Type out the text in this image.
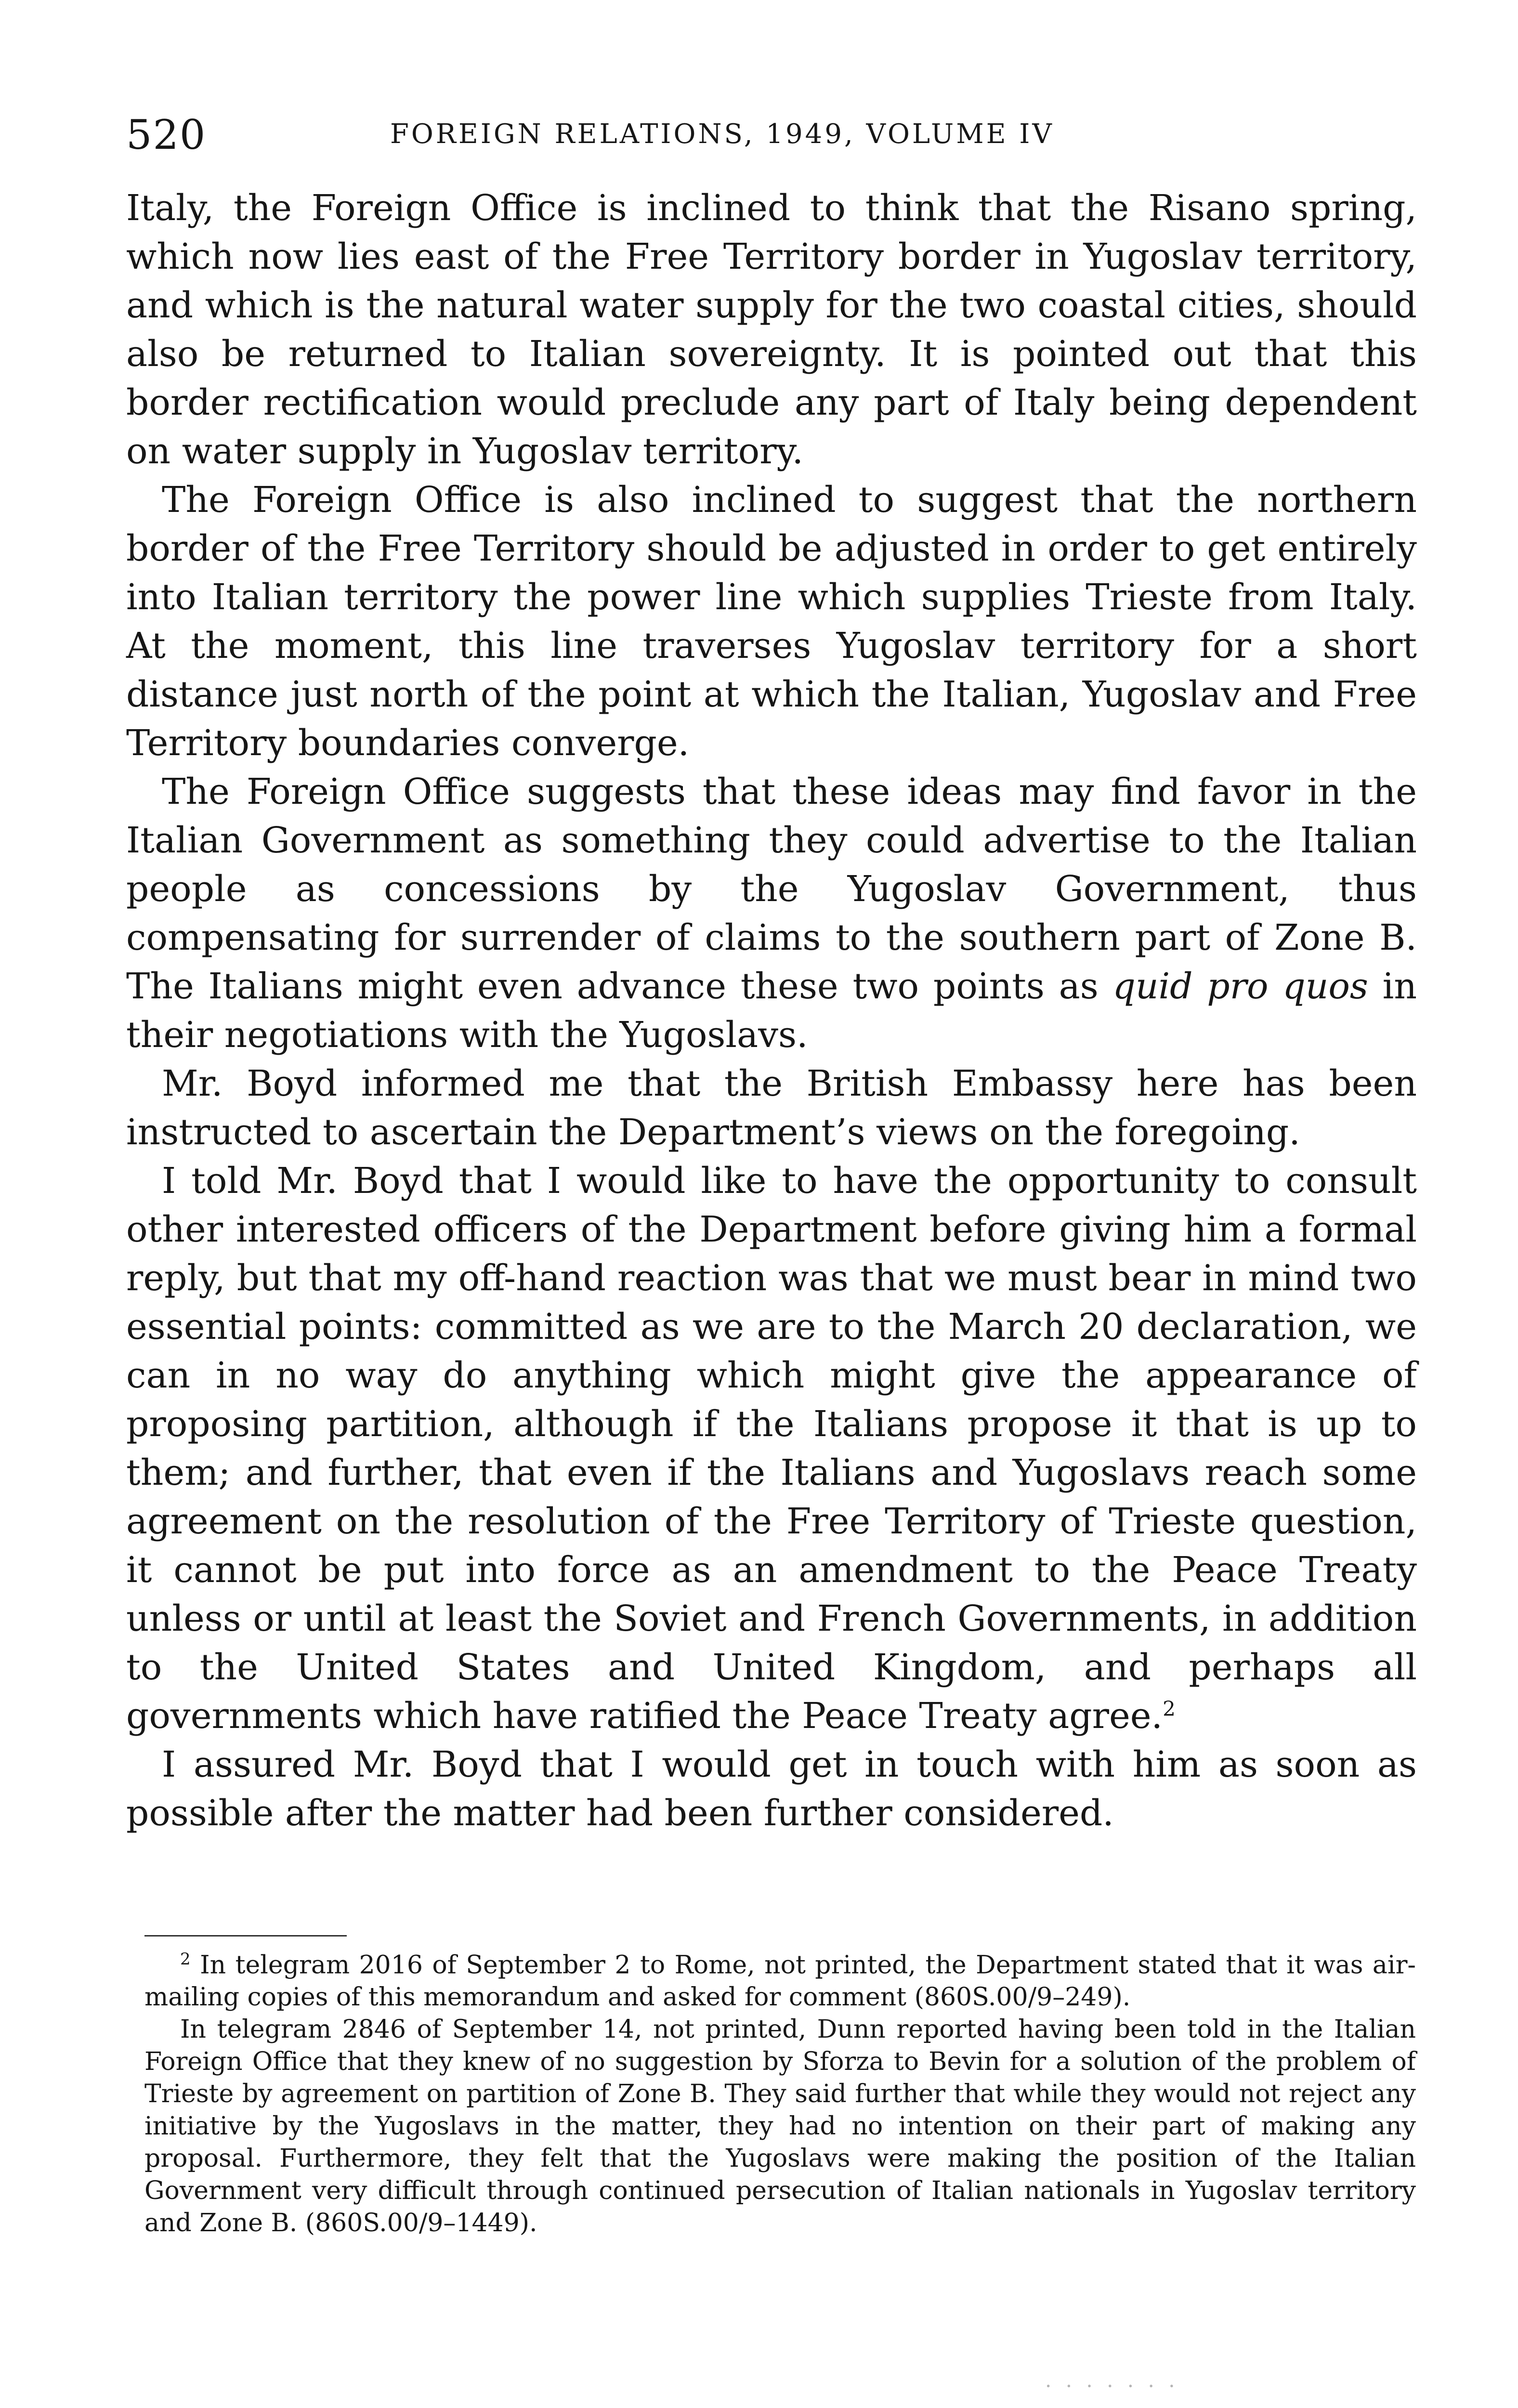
520	FOREIGN RELATIONS, 1949, VOLUME IV

Italy, the Foreign Office is inclined to think that the Risano spring, which now lies east of the Free Territory border in Yugoslav territory, and which is the natural water supply for the two coastal cities, should also be returned to Italian sovereignty. It is pointed out that this border rectification would preclude any part of Italy being dependent on water supply in Yugoslav territory.

The Foreign Office is also inclined to suggest that the northern border of the Free Territory should be adjusted in order to get entirely into Italian territory the power line which supplies Trieste from Italy. At the moment, this line traverses Yugoslav territory for a short distance just north of the point at which the Italian, Yugoslav and Free Territory boundaries converge.

The Foreign Office suggests that these ideas may find favor in the Italian Government as something they could advertise to the Italian people as concessions by the Yugoslav Government, thus compensating for surrender of claims to the southern part of Zone B. The Italians might even advance these two points as quid pro quos in their negotiations with the Yugoslavs.

Mr. Boyd informed me that the British Embassy here has been instructed to ascertain the Department’s views on the foregoing.

I told Mr. Boyd that I would like to have the opportunity to consult other interested officers of the Department before giving him a formal reply, but that my off-hand reaction was that we must bear in mind two essential points: committed as we are to the March 20 declaration, we can in no way do anything which might give the appearance of proposing partition, although if the Italians propose it that is up to them; and further, that even if the Italians and Yugoslavs reach some agreement on the resolution of the Free Territory of Trieste question, it cannot be put into force as an amendment to the Peace Treaty unless or until at least the Soviet and French Governments, in addition to the United States and United Kingdom, and perhaps all governments which have ratified the Peace Treaty agree.$^2$

I assured Mr. Boyd that I would get in touch with him as soon as possible after the matter had been further considered.

$^2$ In telegram 2016 of September 2 to Rome, not printed, the Department stated that it was air-mailing copies of this memorandum and asked for comment (860S.00/9–249).

In telegram 2846 of September 14, not printed, Dunn reported having been told in the Italian Foreign Office that they knew of no suggestion by Sforza to Bevin for a solution of the problem of Trieste by agreement on partition of Zone B. They said further that while they would not reject any initiative by the Yugoslavs in the matter, they had no intention on their part of making any proposal. Furthermore, they felt that the Yugoslavs were making the position of the Italian Government very difficult through continued persecution of Italian nationals in Yugoslav territory and Zone B. (860S.00/9–1449).

· · · · · · ·
